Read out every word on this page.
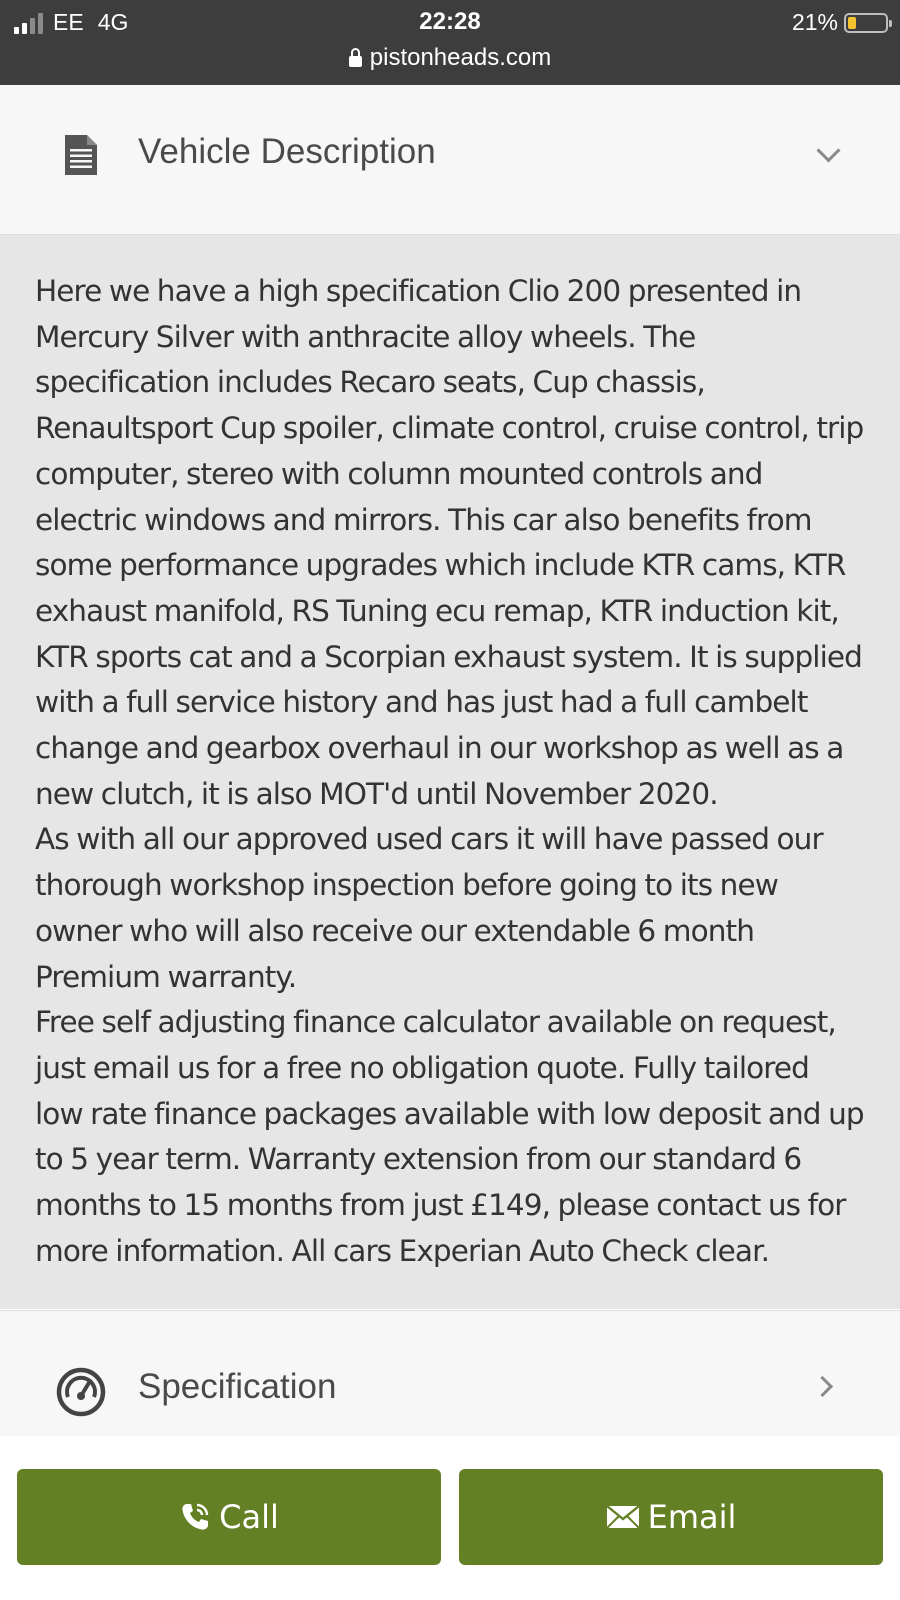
EE 4G	22:28	21%
pistonheads.com
Vehicle Description

Here we have a high specification Clio 200 presented in Mercury Silver with anthracite alloy wheels. The specification includes Recaro seats, Cup chassis, Renaultsport Cup spoiler, climate control, cruise control, trip computer, stereo with column mounted controls and electric windows and mirrors. This car also benefits from some performance upgrades which include KTR cams, KTR exhaust manifold, RS Tuning ecu remap, KTR induction kit, KTR sports cat and a Scorpian exhaust system. It is supplied with a full service history and has just had a full cambelt change and gearbox overhaul in our workshop as well as a new clutch, it is also MOT'd until November 2020.

As with all our approved used cars it will have passed our thorough workshop inspection before going to its new owner who will also receive our extendable 6 month Premium warranty.

Free self adjusting finance calculator available on request, just email us for a free no obligation quote. Fully tailored low rate finance packages available with low deposit and up to 5 year term. Warranty extension from our standard 6 months to 15 months from just £149, please contact us for more information. All cars Experian Auto Check clear.

Specification
Call	Email
